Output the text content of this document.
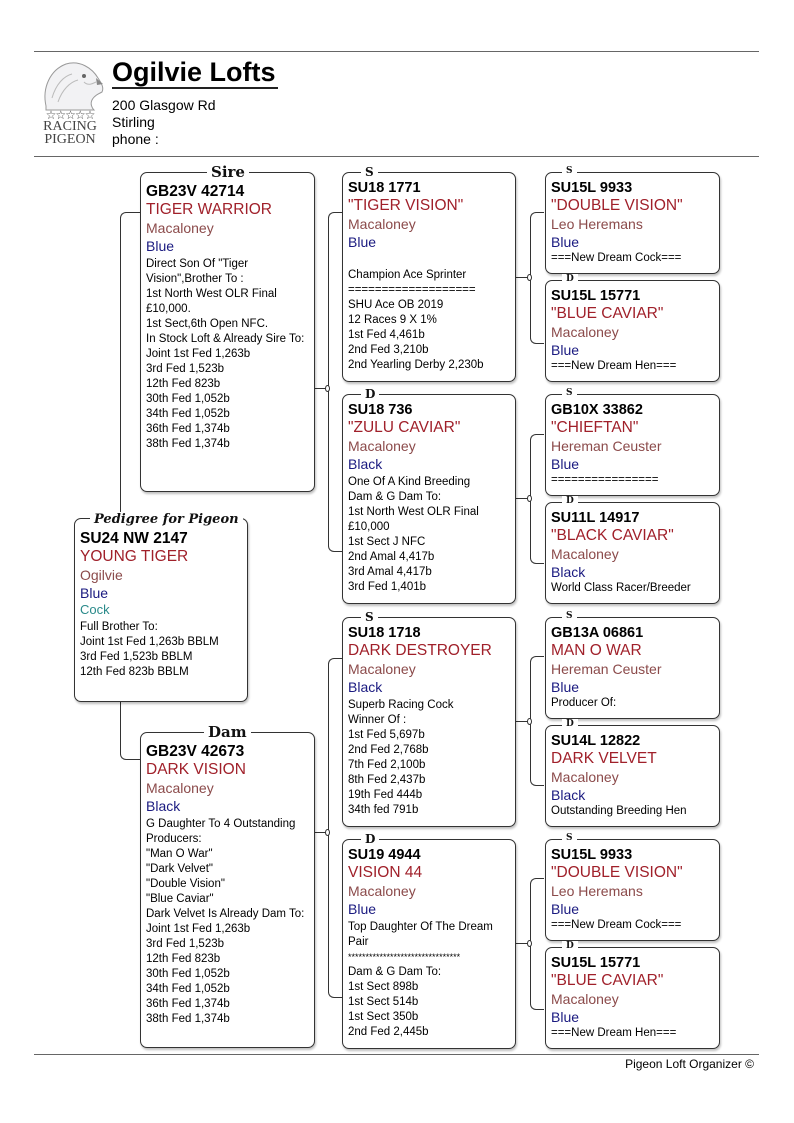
☆☆☆☆☆
RACING
PIGEON
Ogilvie Lofts
200 Glasgow Rd
Stirling
phone :
SU24 NW 2147
YOUNG TIGER
Ogilvie
Blue
Cock
Full Brother To:
Joint 1st Fed 1,263b BBLM
3rd Fed 1,523b BBLM
12th Fed 823b BBLM
Pedigree for Pigeon
GB23V 42714
TIGER WARRIOR
Macaloney
Blue
Direct Son Of "Tiger
Vision",Brother To :
1st North West OLR Final
£10,000.
1st Sect,6th Open NFC.
In Stock Loft & Already Sire To:
Joint 1st Fed 1,263b
3rd Fed 1,523b
12th Fed 823b
30th Fed 1,052b
34th Fed 1,052b
36th Fed 1,374b
38th Fed 1,374b
Sire
GB23V 42673
DARK VISION
Macaloney
Black
G Daughter To 4 Outstanding
Producers:
"Man O War"
"Dark Velvet"
"Double Vision"
"Blue Caviar"
Dark Velvet Is Already Dam To:
Joint 1st Fed 1,263b
3rd Fed 1,523b
12th Fed 823b
30th Fed 1,052b
34th Fed 1,052b
36th Fed 1,374b
38th Fed 1,374b
Dam
SU18 1771
"TIGER VISION"
Macaloney
Blue
Champion Ace Sprinter
===================
SHU Ace OB 2019
12 Races 9 X 1%
1st Fed 4,461b
2nd Fed 3,210b
2nd Yearling Derby 2,230b
S
SU18 736
"ZULU CAVIAR"
Macaloney
Black
One Of A Kind Breeding
Dam & G Dam To:
1st North West OLR Final
£10,000
1st Sect J NFC
2nd Amal 4,417b
3rd Amal 4,417b
3rd Fed 1,401b
D
SU18 1718
DARK DESTROYER
Macaloney
Black
Superb Racing Cock
Winner Of :
1st Fed 5,697b
2nd Fed 2,768b
7th Fed 2,100b
8th Fed 2,437b
19th Fed 444b
34th fed 791b
S
SU19 4944
VISION 44
Macaloney
Blue
Top Daughter Of The Dream
Pair
********************************
Dam & G Dam To:
1st Sect 898b
1st Sect 514b
1st Sect 350b
2nd Fed 2,445b
D
SU15L 9933
"DOUBLE VISION"
Leo Heremans
Blue
===New Dream Cock===
S
SU15L 15771
"BLUE CAVIAR"
Macaloney
Blue
===New Dream Hen===
D
GB10X 33862
"CHIEFTAN"
Hereman Ceuster
Blue
================
S
SU11L 14917
"BLACK CAVIAR"
Macaloney
Black
World Class Racer/Breeder
D
GB13A 06861
MAN O WAR
Hereman Ceuster
Blue
Producer Of:
S
SU14L 12822
DARK VELVET
Macaloney
Black
Outstanding Breeding Hen
D
SU15L 9933
"DOUBLE VISION"
Leo Heremans
Blue
===New Dream Cock===
S
SU15L 15771
"BLUE CAVIAR"
Macaloney
Blue
===New Dream Hen===
D
Pigeon Loft Organizer ©
